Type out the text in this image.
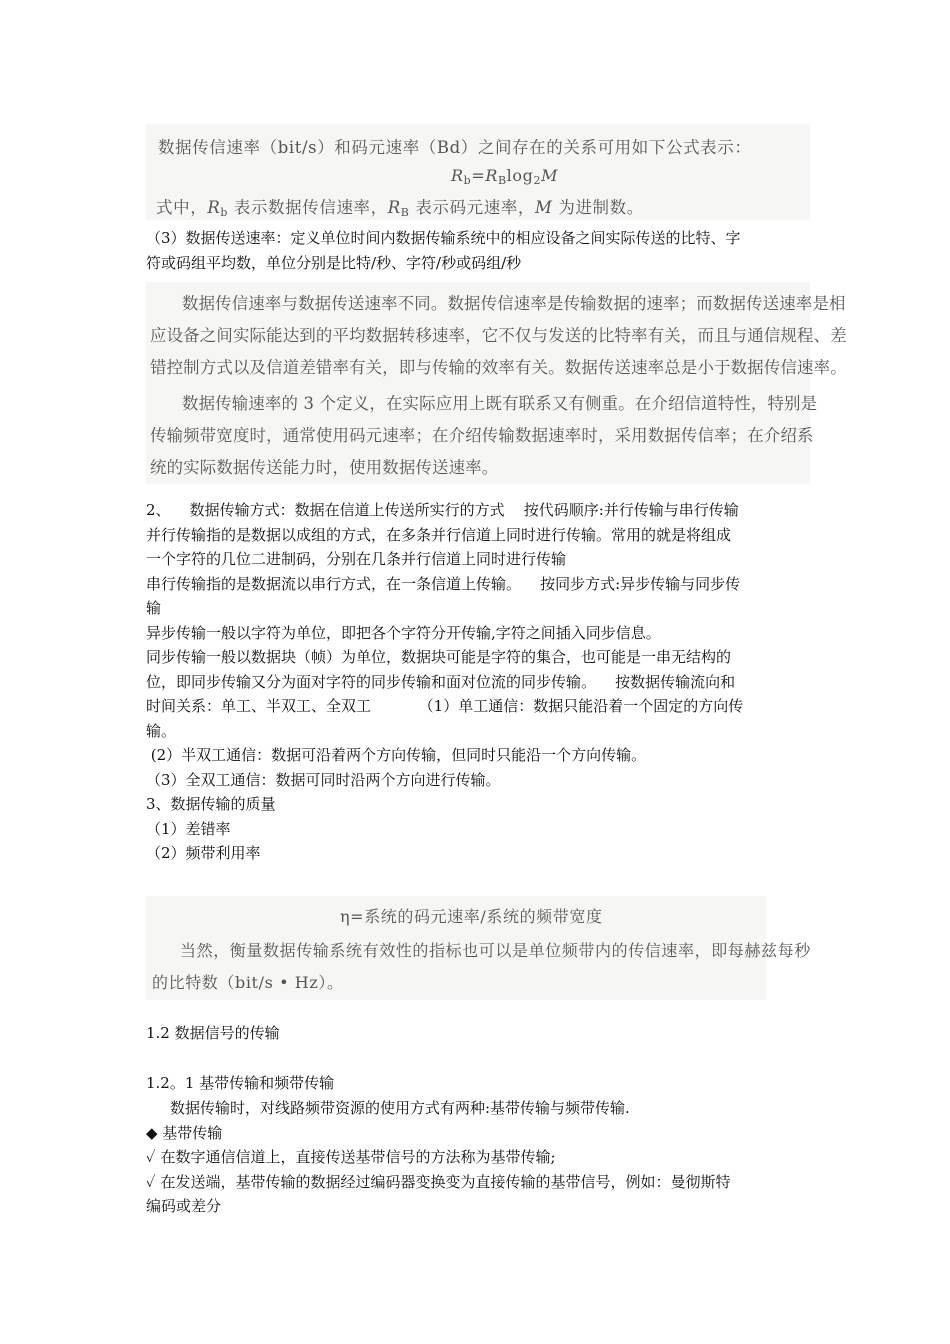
数据传信速率（bit/s）和码元速率（Bd）之间存在的关系可用如下公式表示：
$R_b=R_B\log_2M$
式中，$R_b$ 表示数据传信速率，$R_B$ 表示码元速率，M 为进制数。
（3）数据传送速率：定义单位时间内数据传输系统中的相应设备之间实际传送的比特、字
符或码组平均数，单位分别是比特/秒、字符/秒或码组/秒
数据传信速率与数据传送速率不同。数据传信速率是传输数据的速率；而数据传送速率是相
应设备之间实际能达到的平均数据转移速率，它不仅与发送的比特率有关，而且与通信规程、差
错控制方式以及信道差错率有关，即与传输的效率有关。数据传送速率总是小于数据传信速率。
数据传输速率的 3 个定义，在实际应用上既有联系又有侧重。在介绍信道特性，特别是
传输频带宽度时，通常使用码元速率；在介绍传输数据速率时，采用数据传信率；在介绍系
统的实际数据传送能力时，使用数据传送速率。
2、    数据传输方式：数据在信道上传送所实行的方式    按代码顺序:并行传输与串行传输
并行传输指的是数据以成组的方式，在多条并行信道上同时进行传输。常用的就是将组成
一个字符的几位二进制码，分别在几条并行信道上同时进行传输
串行传输指的是数据流以串行方式，在一条信道上传输。    按同步方式:异步传输与同步传
输
异步传输一般以字符为单位，即把各个字符分开传输,字符之间插入同步信息。
同步传输一般以数据块（帧）为单位，数据块可能是字符的集合，也可能是一串无结构的
位，即同步传输又分为面对字符的同步传输和面对位流的同步传输。    按数据传输流向和
时间关系：单工、半双工、全双工          （1）单工通信：数据只能沿着一个固定的方向传
输。
(2）半双工通信：数据可沿着两个方向传输，但同时只能沿一个方向传输。
（3）全双工通信：数据可同时沿两个方向进行传输。
3、数据传输的质量
（1）差错率
（2）频带利用率
η=系统的码元速率/系统的频带宽度
当然，衡量数据传输系统有效性的指标也可以是单位频带内的传信速率，即每赫兹每秒
的比特数（bit/s • Hz）。
1.2 数据信号的传输
1.2。1 基带传输和频带传输
数据传输时，对线路频带资源的使用方式有两种:基带传输与频带传输.
◆ 基带传输
✓ 在数字通信信道上，直接传送基带信号的方法称为基带传输;
✓ 在发送端，基带传输的数据经过编码器变换变为直接传输的基带信号，例如：曼彻斯特
编码或差分
